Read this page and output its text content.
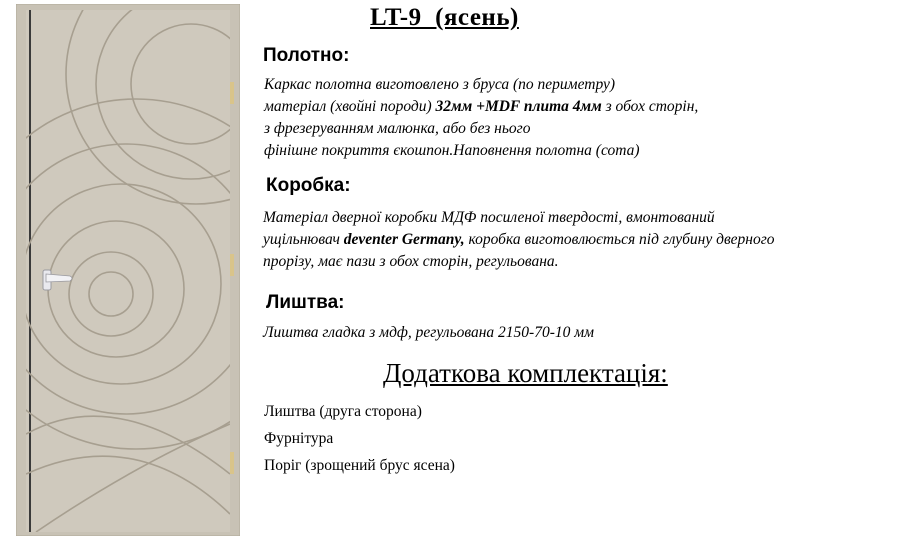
LT-9  (ясень)
Полотно:
Каркас полотна виготовлено з бруса (по периметру)
матеріал (хвойні породи) 32мм +MDF плита 4мм з обох сторін,
з фрезеруванням малюнка, або без нього
фінішне покриття єкошпон.Наповнення полотна (сота)
Коробка:
Матеріал дверної коробки МДФ посиленої твердості, вмонтований
ущільнювач deventer Germany, коробка виготовлюється під глубину дверного
прорізу, має пази з обох сторін, регульована.
Лиштва:
Лиштва гладка з мдф, регульована 2150-70-10 мм
Додаткова комплектація:
Лиштва (друга сторона)
Фурнітура
Поріг (зрощений брус ясена)
